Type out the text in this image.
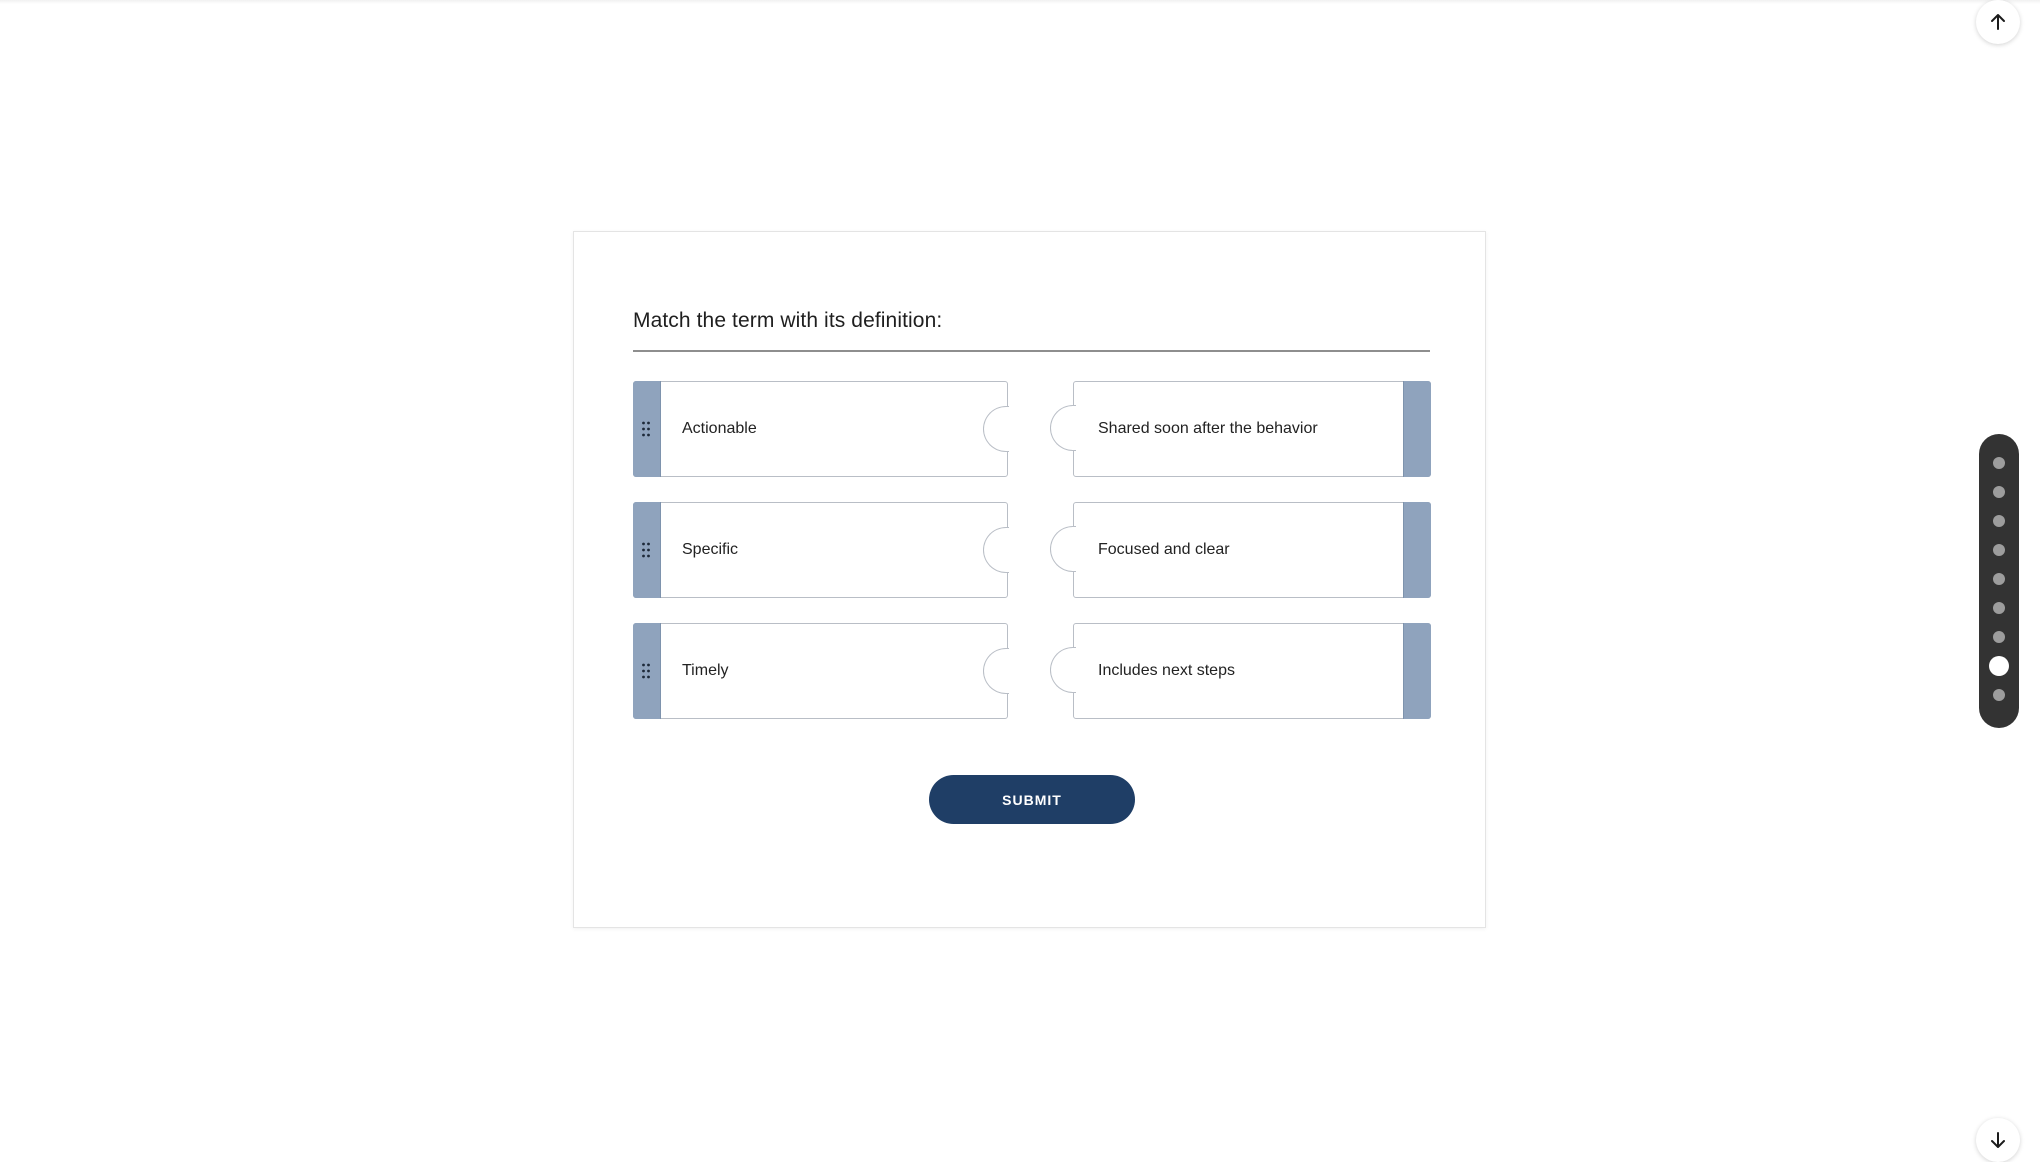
Match the term with its definition:
Actionable
Specific
Timely
Shared soon after the behavior
Focused and clear
Includes next steps
SUBMIT
